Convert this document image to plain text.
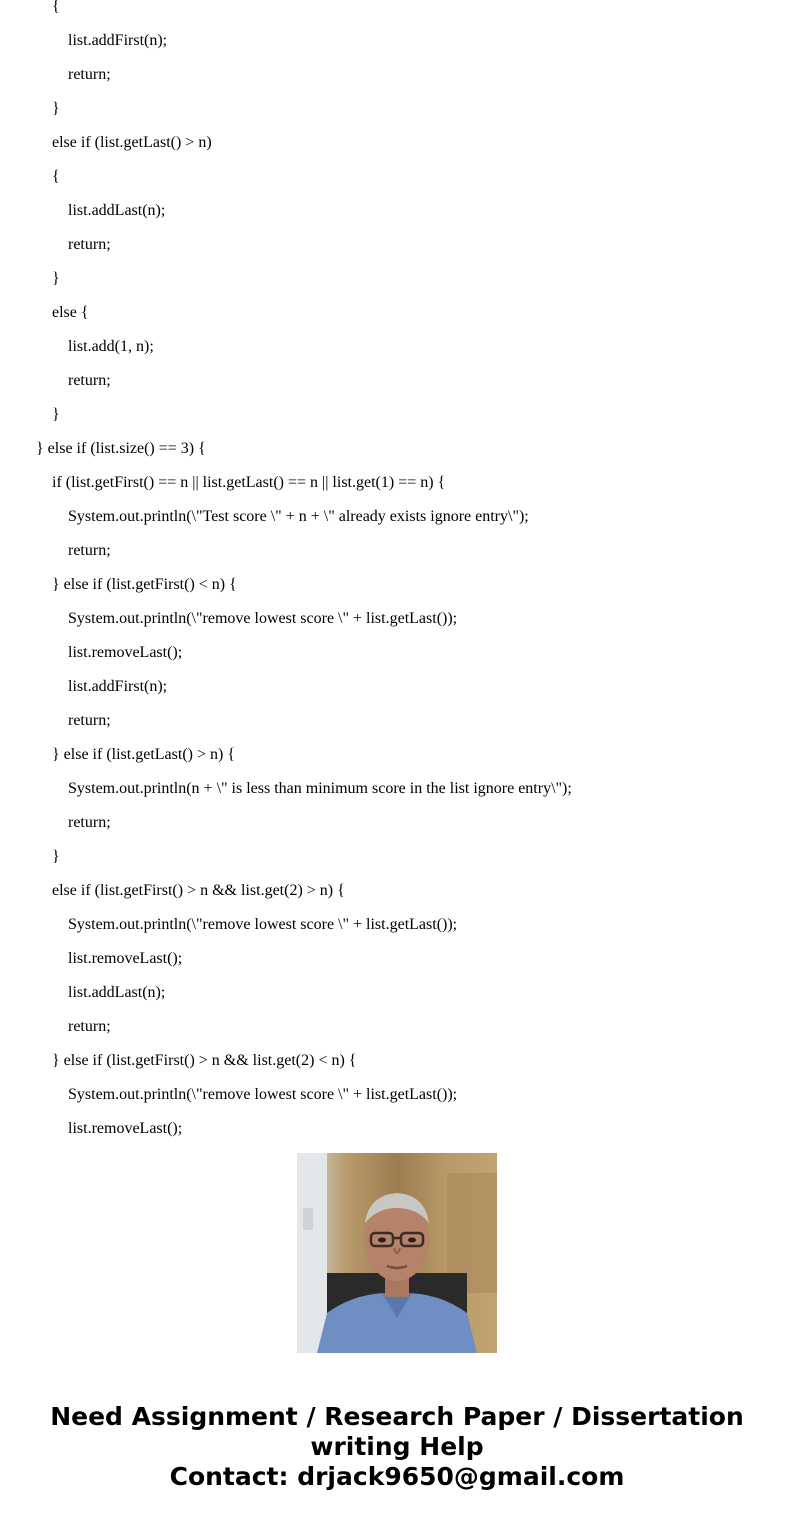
{
list.addFirst(n);
return;
}
else if (list.getLast() > n)
{
list.addLast(n);
return;
}
else {
list.add(1, n);
return;
}
} else if (list.size() == 3) {
if (list.getFirst() == n || list.getLast() == n || list.get(1) == n) {
System.out.println(\"Test score \" + n + \" already exists ignore entry\");
return;
} else if (list.getFirst() < n) {
System.out.println(\"remove lowest score \" + list.getLast());
list.removeLast();
list.addFirst(n);
return;
} else if (list.getLast() > n) {
System.out.println(n + \" is less than minimum score in the list ignore entry\");
return;
}
else if (list.getFirst() > n && list.get(2) > n) {
System.out.println(\"remove lowest score \" + list.getLast());
list.removeLast();
list.addLast(n);
return;
} else if (list.getFirst() > n && list.get(2) < n) {
System.out.println(\"remove lowest score \" + list.getLast());
list.removeLast();
Need Assignment / Research Paper / Dissertation
writing Help
Contact: drjack9650@gmail.com
